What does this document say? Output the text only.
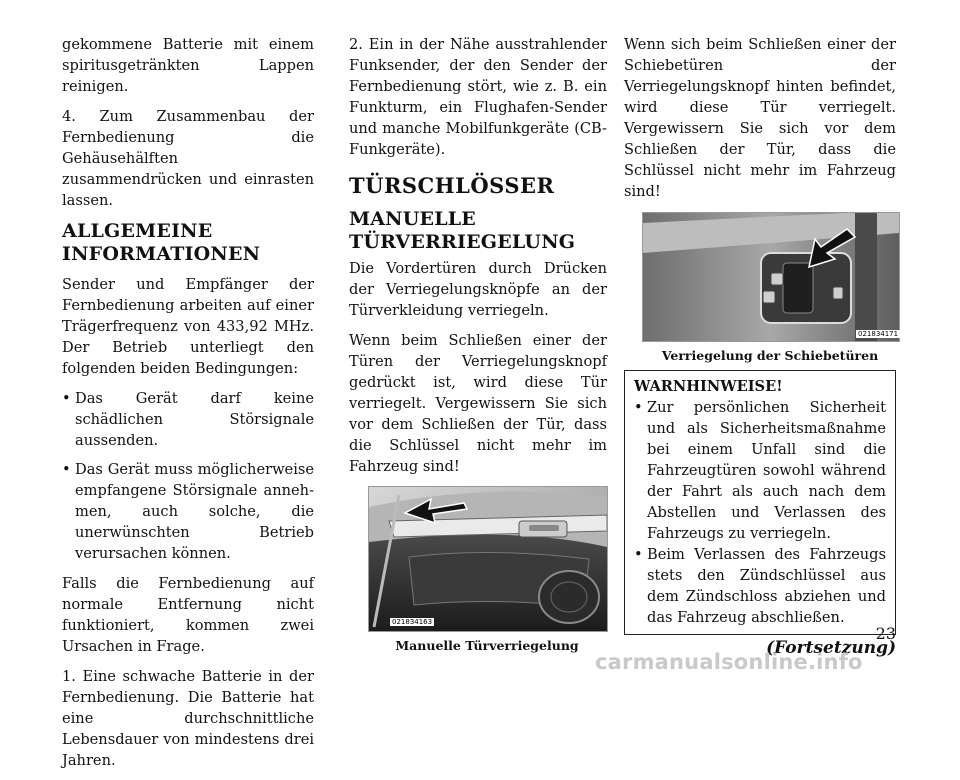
gekommene Batterie mit einem spiritusgetränkten Lappen reinigen.

4. Zum Zusammenbau der Fernbedienung die Gehäusehälften zusammendrücken und einrasten lassen.

ALLGEMEINE INFORMATIONEN

Sender und Empfänger der Fernbedienung arbeiten auf einer Trägerfrequenz von 433,92 MHz. Der Betrieb unterliegt den folgenden beiden Bedingungen:

• Das Gerät darf keine schädlichen Störsignale aussenden.
• Das Gerät muss möglicherweise empfangene Störsignale annehmen, auch solche, die unerwünschten Betrieb verursachen können.

Falls die Fernbedienung auf normale Entfernung nicht funktioniert, kommen zwei Ursachen in Frage.

1. Eine schwache Batterie in der Fernbedienung. Die Batterie hat eine durchschnittliche Lebensdauer von mindestens drei Jahren.

2. Ein in der Nähe ausstrahlender Funksender, der den Sender der Fernbedienung stört, wie z. B. ein Funkturm, ein Flughafen-Sender und manche Mobilfunkgeräte (CB-Funkgeräte).

TÜRSCHLÖSSER
MANUELLE TÜRVERRIEGELUNG

Die Vordertüren durch Drücken der Verriegelungsknöpfe an der Türverkleidung verriegeln.

Wenn beim Schließen einer der Türen der Verriegelungsknopf gedrückt ist, wird diese Tür verriegelt. Vergewissern Sie sich vor dem Schließen der Tür, dass die Schlüssel nicht mehr im Fahrzeug sind!

021834163
Manuelle Türverriegelung

Wenn sich beim Schließen einer der Schiebetüren der Verriegelungsknopf hinten befindet, wird diese Tür verriegelt. Vergewissern Sie sich vor dem Schließen der Tür, dass die Schlüssel nicht mehr im Fahrzeug sind!

021834171
Verriegelung der Schiebetüren
WARNHINWEISE!
• Zur persönlichen Sicherheit und als Sicherheitsmaßnahme bei einem Unfall sind die Fahrzeugtüren sowohl während der Fahrt als auch nach dem Abstellen und Verlassen des Fahrzeugs zu verriegeln.
• Beim Verlassen des Fahrzeugs stets den Zündschlüssel aus dem Zündschloss abziehen und das Fahrzeug abschließen.
(Fortsetzung)
23
carmanualsonline.info
